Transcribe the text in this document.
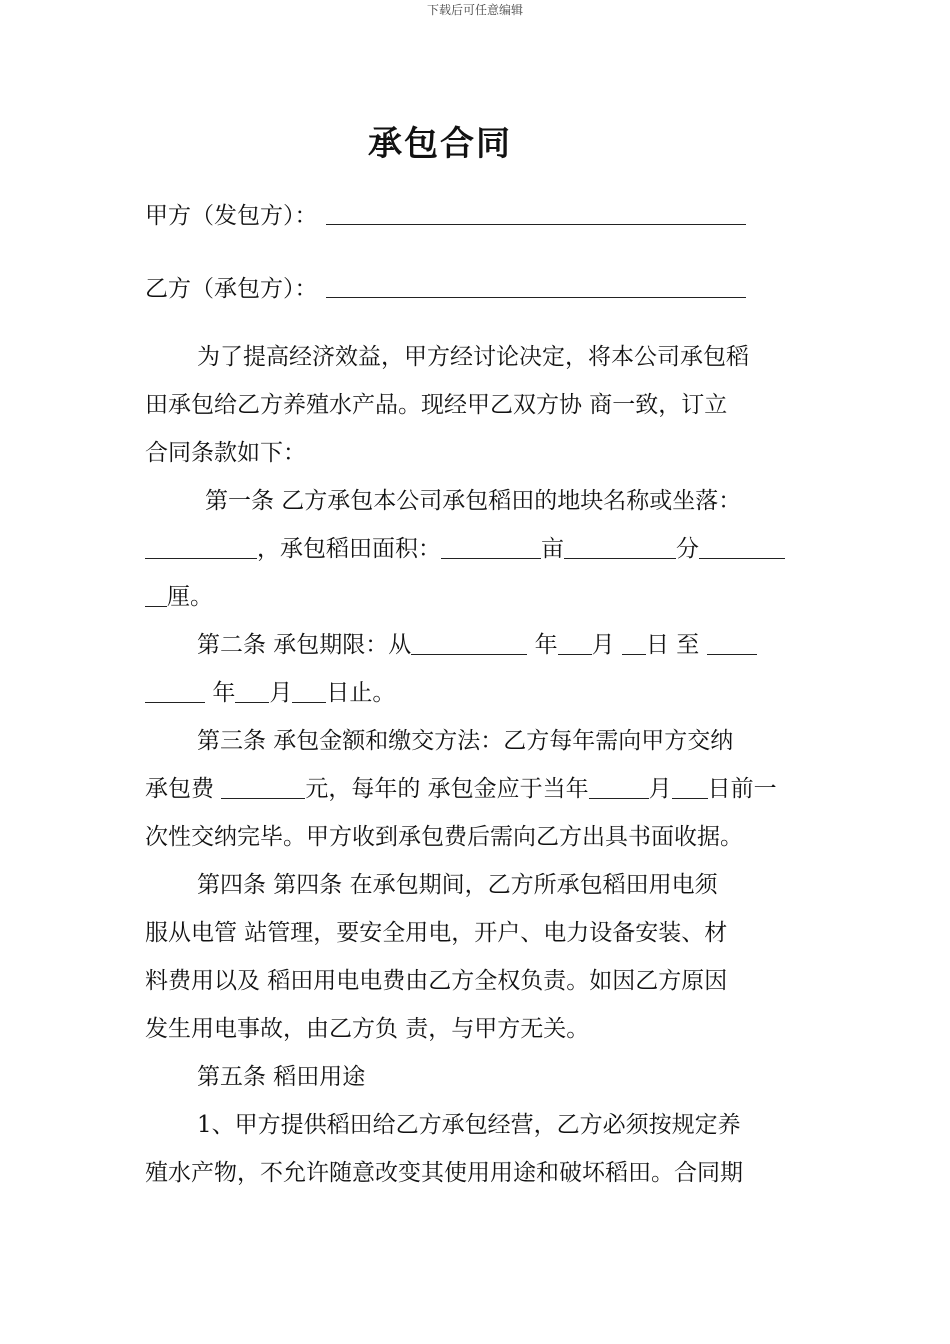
下载后可任意编辑
承包合同
甲方（发包方）：
乙方（承包方）：
为了提高经济效益，甲方经讨论决定，将本公司承包稻
田承包给乙方养殖水产品。现经甲乙双方协 商一致，订立
合同条款如下：
第一条 乙方承包本公司承包稻田的地块名称或坐落：
，承包稻田面积：	亩	分
厘。
第二条 承包期限：从	年 月 日 至
年 月 日止。
第三条 承包金额和缴交方法：乙方每年需向甲方交纳
承包费	元，每年的 承包金应于当年	月 日前一
次性交纳完毕。甲方收到承包费后需向乙方出具书面收据。
第四条 第四条 在承包期间，乙方所承包稻田用电须
服从电管 站管理，要安全用电，开户、电力设备安装、材
料费用以及 稻田用电电费由乙方全权负责。如因乙方原因
发生用电事故，由乙方负 责，与甲方无关。
第五条 稻田用途
1、甲方提供稻田给乙方承包经营，乙方必须按规定养
殖水产物，不允许随意改变其使用用途和破坏稻田。合同期
